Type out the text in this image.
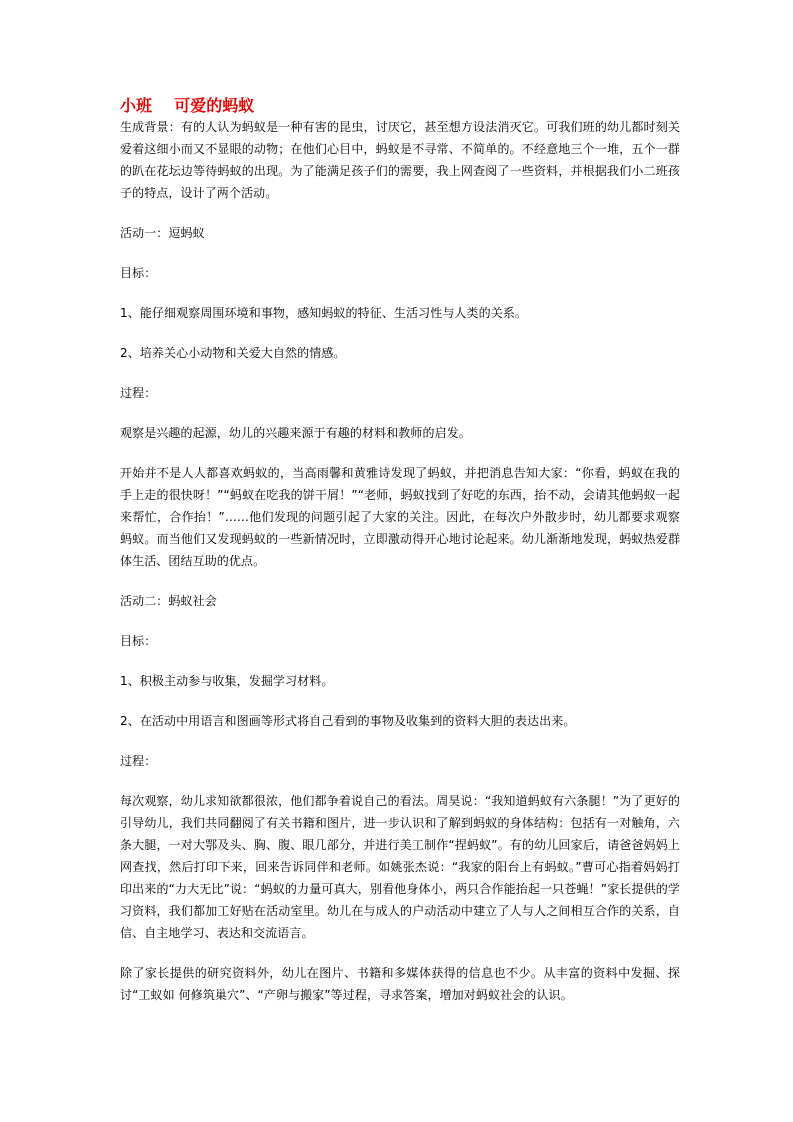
小班    可爱的蚂蚁

生成背景：有的人认为蚂蚁是一种有害的昆虫，讨厌它，甚至想方设法消灭它。可我们班的幼儿都时刻关爱着这细小而又不显眼的动物；在他们心目中，蚂蚁是不寻常、不简单的。不经意地三个一堆，五个一群的趴在花坛边等待蚂蚁的出现。为了能满足孩子们的需要，我上网查阅了一些资料，并根据我们小二班孩子的特点，设计了两个活动。

活动一：逗蚂蚁

目标：

1、能仔细观察周围环境和事物，感知蚂蚁的特征、生活习性与人类的关系。

2、培养关心小动物和关爱大自然的情感。

过程：

观察是兴趣的起源，幼儿的兴趣来源于有趣的材料和教师的启发。

开始并不是人人都喜欢蚂蚁的，当高雨馨和黄雅诗发现了蚂蚁，并把消息告知大家：“你看，蚂蚁在我的手上走的很快呀！”“蚂蚁在吃我的饼干屑！”“老师，蚂蚁找到了好吃的东西，抬不动，会请其他蚂蚁一起来帮忙，合作抬！”……他们发现的问题引起了大家的关注。因此，在每次户外散步时，幼儿都要求观察蚂蚁。而当他们又发现蚂蚁的一些新情况时，立即激动得开心地讨论起来。幼儿渐渐地发现，蚂蚁热爱群体生活、团结互助的优点。

活动二：蚂蚁社会

目标：

1、积极主动参与收集，发掘学习材料。

2、在活动中用语言和图画等形式将自己看到的事物及收集到的资料大胆的表达出来。

过程：

每次观察，幼儿求知欲都很浓，他们都争着说自己的看法。周昊说：“我知道蚂蚁有六条腿！”为了更好的引导幼儿，我们共同翻阅了有关书籍和图片，进一步认识和了解到蚂蚁的身体结构：包括有一对触角，六条大腿，一对大鄂及头、胸、腹、眼几部分，并进行美工制作“捏蚂蚁”。有的幼儿回家后，请爸爸妈妈上网查找，然后打印下来，回来告诉同伴和老师。如姚张杰说：“我家的阳台上有蚂蚁。”曹可心指着妈妈打印出来的“力大无比”说：“蚂蚁的力量可真大，别看他身体小，两只合作能抬起一只苍蝇！”家长提供的学习资料，我们都加工好贴在活动室里。幼儿在与成人的户动活动中建立了人与人之间相互合作的关系，自信、自主地学习、表达和交流语言。

除了家长提供的研究资料外，幼儿在图片、书籍和多媒体获得的信息也不少。从丰富的资料中发掘、探讨“工蚁如 何修筑巢穴”、“产卵与搬家”等过程，寻求答案，增加对蚂蚁社会的认识。
